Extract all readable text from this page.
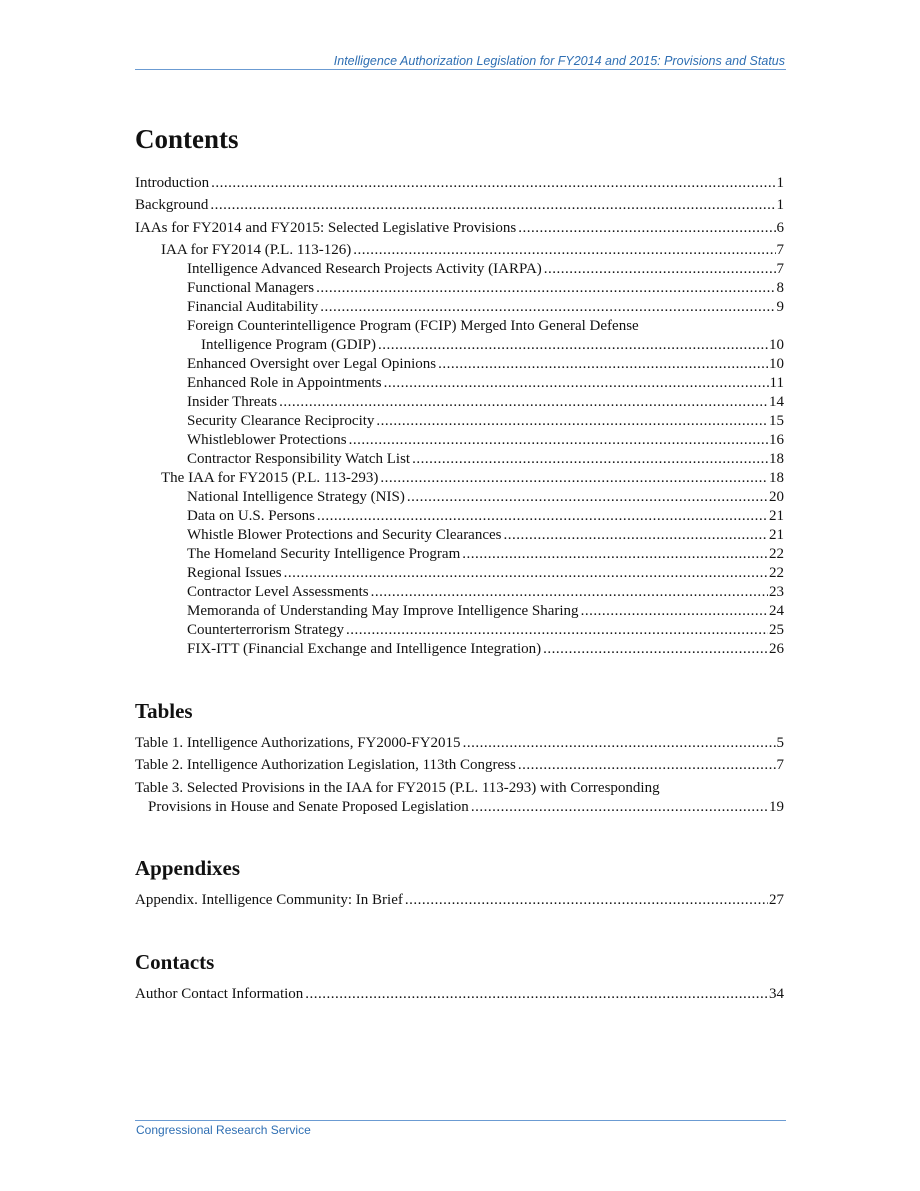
Intelligence Authorization Legislation for FY2014 and 2015: Provisions and Status
Contents
Introduction .....	1
Background .....	1
IAAs for FY2014 and FY2015: Selected Legislative Provisions .....	6
IAA for FY2014 (P.L. 113-126) .....	7
Intelligence Advanced Research Projects Activity (IARPA) .....	7
Functional Managers .....	8
Financial Auditability .....	9
Foreign Counterintelligence Program (FCIP) Merged Into General Defense
Intelligence Program (GDIP) .....	10
Enhanced Oversight over Legal Opinions .....	10
Enhanced Role in Appointments .....	11
Insider Threats .....	14
Security Clearance Reciprocity .....	15
Whistleblower Protections .....	16
Contractor Responsibility Watch List .....	18
The IAA for FY2015 (P.L. 113-293) .....	18
National Intelligence Strategy (NIS) .....	20
Data on U.S. Persons .....	21
Whistle Blower Protections and Security Clearances .....	21
The Homeland Security Intelligence Program .....	22
Regional Issues .....	22
Contractor Level Assessments .....	23
Memoranda of Understanding May Improve Intelligence Sharing .....	24
Counterterrorism Strategy .....	25
FIX-ITT (Financial Exchange and Intelligence Integration) .....	26
Tables
Table 1. Intelligence Authorizations, FY2000-FY2015 .....	5
Table 2. Intelligence Authorization Legislation, 113th Congress .....	7
Table 3. Selected Provisions in the IAA for FY2015 (P.L. 113-293) with Corresponding
Provisions in House and Senate Proposed Legislation .....	19
Appendixes
Appendix. Intelligence Community: In Brief .....	27
Contacts
Author Contact Information .....	34
Congressional Research Service
